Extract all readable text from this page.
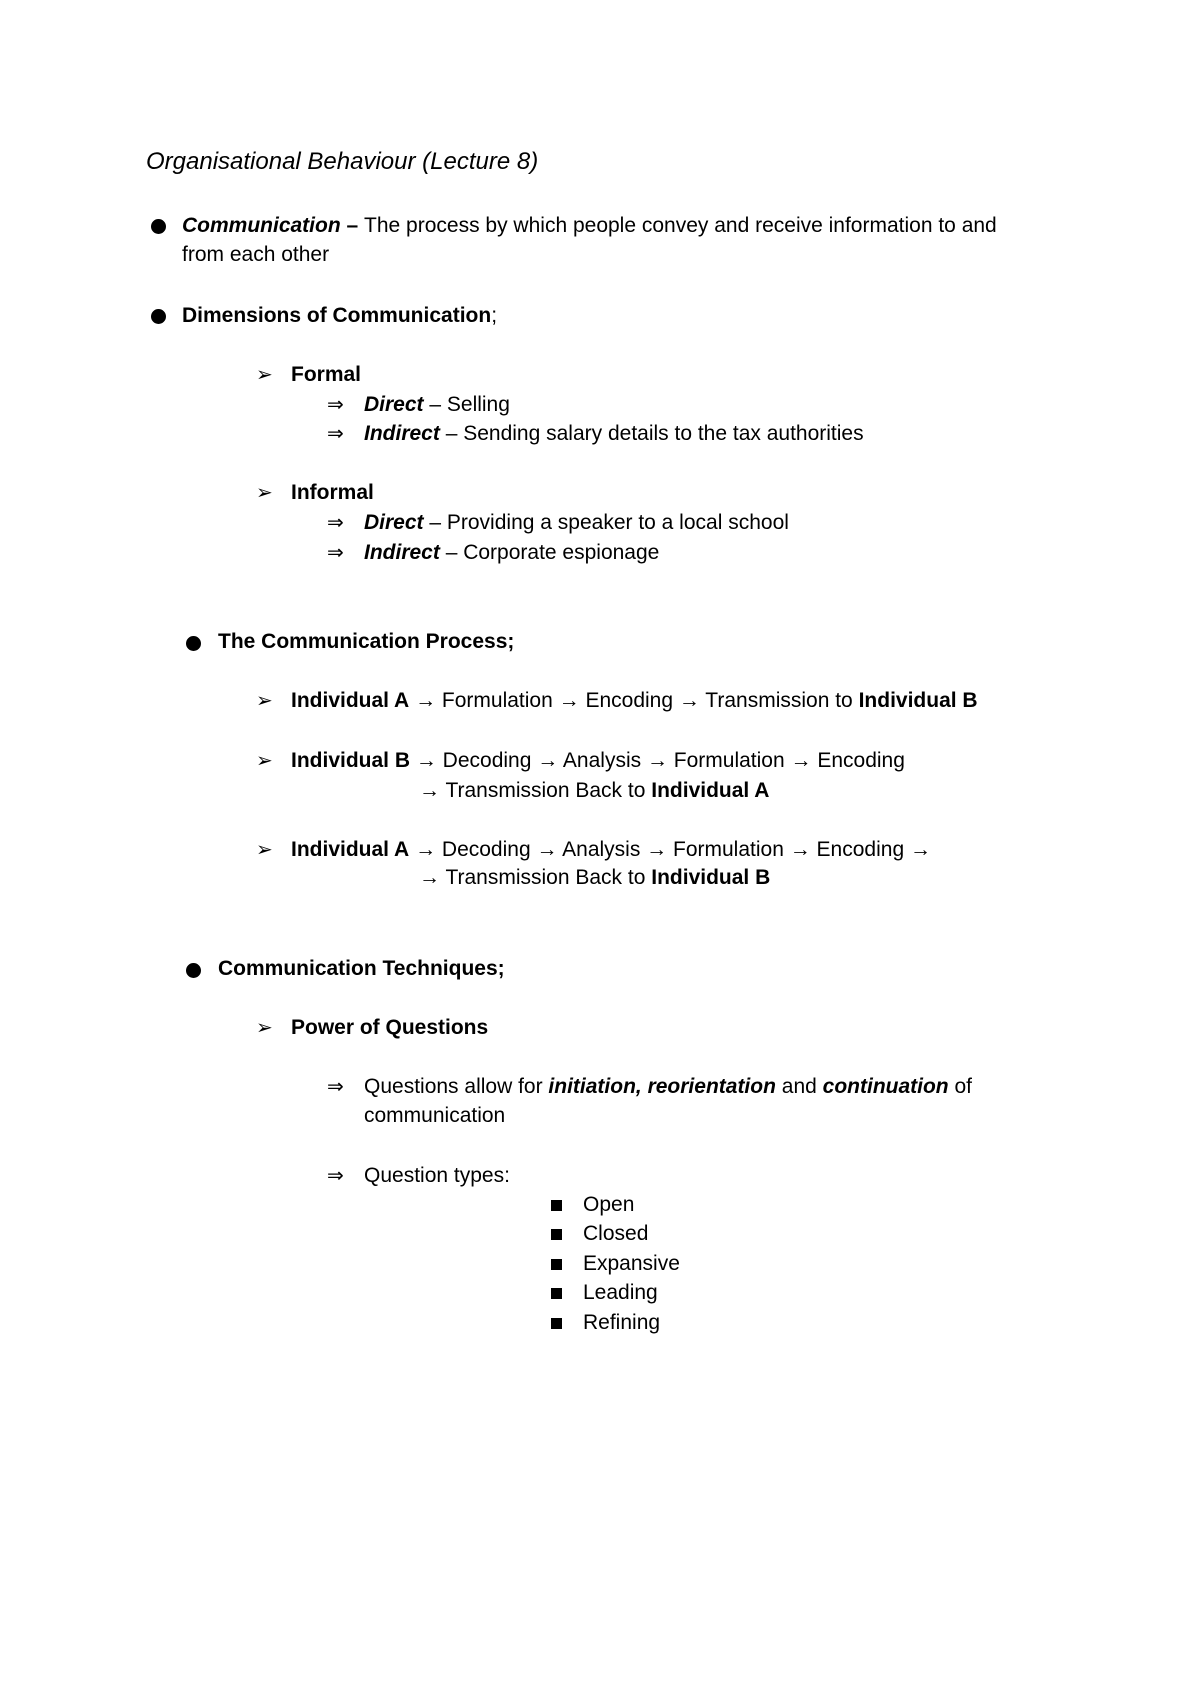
Organisational Behaviour (Lecture 8)
Communication – The process by which people convey and receive information to and
from each other
Dimensions of Communication;
➢ Formal
⇒ Direct – Selling
⇒ Indirect – Sending salary details to the tax authorities
➢ Informal
⇒ Direct – Providing a speaker to a local school
⇒ Indirect – Corporate espionage
The Communication Process;
➢ Individual A → Formulation → Encoding → Transmission to Individual B
➢ Individual B → Decoding → Analysis → Formulation → Encoding
→ Transmission Back to Individual A
➢ Individual A → Decoding → Analysis → Formulation → Encoding →
→ Transmission Back to Individual B
Communication Techniques;
➢ Power of Questions
⇒ Questions allow for initiation, reorientation and continuation of
communication
⇒ Question types:
Open
Closed
Expansive
Leading
Refining
